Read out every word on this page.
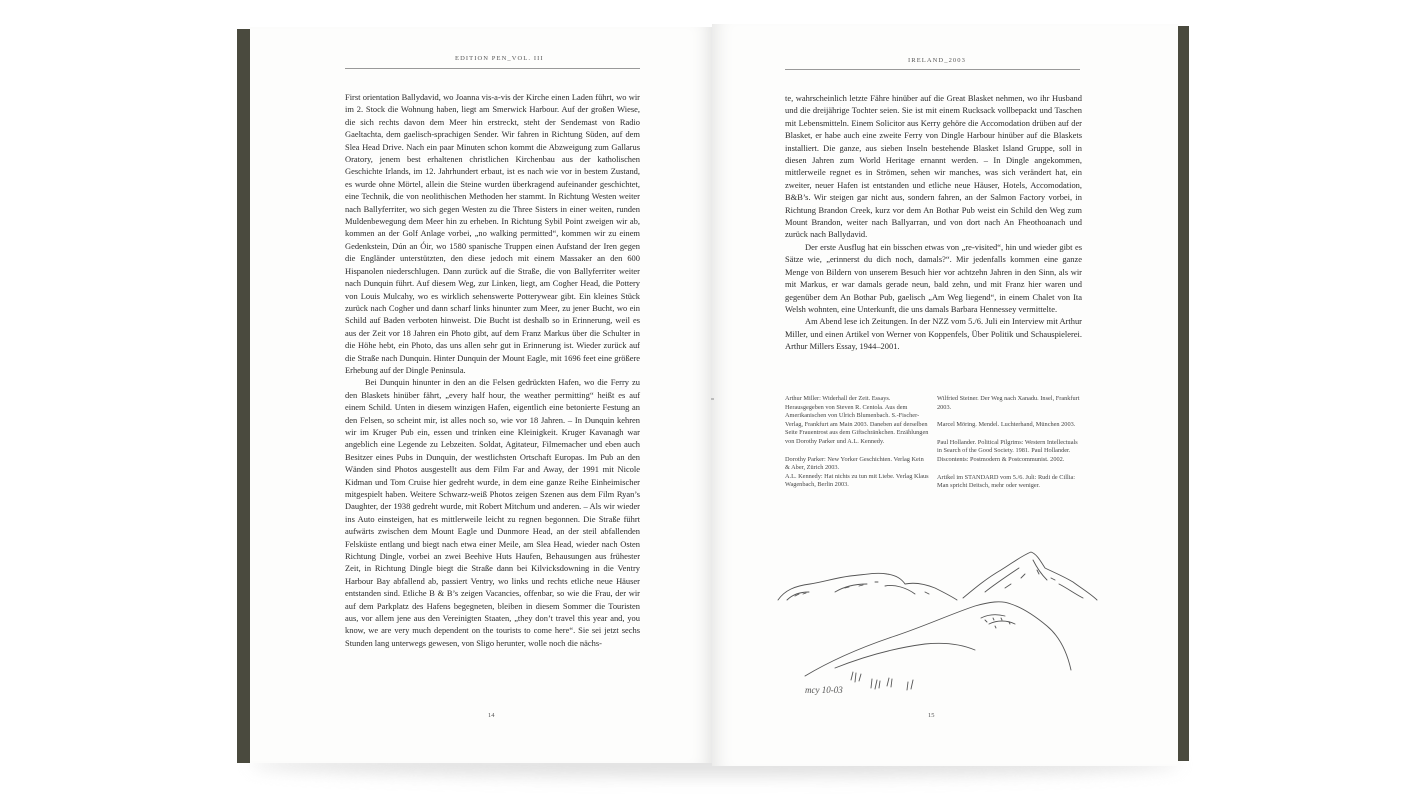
EDITION PEN_VOL. III

First orientation Ballydavid, wo Joanna vis-a-vis der Kirche einen Laden führt, wo wir im 2. Stock die Wohnung haben, liegt am Smerwick Harbour. Auf der großen Wiese, die sich rechts davon dem Meer hin erstreckt, steht der Sendemast von Radio Gaeltachta, dem gaelisch-sprachigen Sender. Wir fahren in Richtung Süden, auf dem Slea Head Drive. Nach ein paar Minuten schon kommt die Abzweigung zum Gallarus Oratory, jenem best erhaltenen christlichen Kirchenbau aus der katholischen Geschichte Irlands, im 12. Jahrhundert erbaut, ist es nach wie vor in bestem Zustand, es wurde ohne Mörtel, allein die Steine wurden überkragend aufeinander geschichtet, eine Technik, die von neolithischen Methoden her stammt. In Richtung Westen weiter nach Ballyferriter, wo sich gegen Westen zu die Three Sisters in einer weiten, runden Muldenbewegung dem Meer hin zu erheben. In Richtung Sybil Point zweigen wir ab, kommen an der Golf Anlage vorbei, „no walking permitted“, kommen wir zu einem Gedenkstein, Dún an Óir, wo 1580 spanische Truppen einen Aufstand der Iren gegen die Engländer unterstützten, den diese jedoch mit einem Massaker an den 600 Hispanolen niederschlugen. Dann zurück auf die Straße, die von Ballyferriter weiter nach Dunquin führt. Auf diesem Weg, zur Linken, liegt, am Cogher Head, die Pottery von Louis Mulcahy, wo es wirklich sehenswerte Potterywear gibt. Ein kleines Stück zurück nach Cogher und dann scharf links hinunter zum Meer, zu jener Bucht, wo ein Schild auf Baden verboten hinweist. Die Bucht ist deshalb so in Erinnerung, weil es aus der Zeit vor 18 Jahren ein Photo gibt, auf dem Franz Markus über die Schulter in die Höhe hebt, ein Photo, das uns allen sehr gut in Erinnerung ist. Wieder zurück auf die Straße nach Dunquin. Hinter Dunquin der Mount Eagle, mit 1696 feet eine größere Erhebung auf der Dingle Peninsula.

Bei Dunquin hinunter in den an die Felsen gedrückten Hafen, wo die Ferry zu den Blaskets hinüber fährt, „every half hour, the weather permitting“ heißt es auf einem Schild. Unten in diesem winzigen Hafen, eigentlich eine betonierte Festung an den Felsen, so scheint mir, ist alles noch so, wie vor 18 Jahren. – In Dunquin kehren wir im Kruger Pub ein, essen und trinken eine Kleinigkeit. Kruger Kavanagh war angeblich eine Legende zu Lebzeiten. Soldat, Agitateur, Filmemacher und eben auch Besitzer eines Pubs in Dunquin, der westlichsten Ortschaft Europas. Im Pub an den Wänden sind Photos ausgestellt aus dem Film Far and Away, der 1991 mit Nicole Kidman und Tom Cruise hier gedreht wurde, in dem eine ganze Reihe Einheimischer mitgespielt haben. Weitere Schwarz-weiß Photos zeigen Szenen aus dem Film Ryan’s Daughter, der 1938 gedreht wurde, mit Robert Mitchum und anderen. – Als wir wieder ins Auto einsteigen, hat es mittlerweile leicht zu regnen begonnen. Die Straße führt aufwärts zwischen dem Mount Eagle und Dunmore Head, an der steil abfallenden Felsküste entlang und biegt nach etwa einer Meile, am Slea Head, wieder nach Osten Richtung Dingle, vorbei an zwei Beehive Huts Haufen, Behausungen aus frühester Zeit, in Richtung Dingle biegt die Straße dann bei Kilvicksdowning in die Ventry Harbour Bay abfallend ab, passiert Ventry, wo links und rechts etliche neue Häuser entstanden sind. Etliche B & B’s zeigen Vacancies, offenbar, so wie die Frau, der wir auf dem Parkplatz des Hafens begegneten, bleiben in diesem Sommer die Touristen aus, vor allem jene aus den Vereinigten Staaten, „they don’t travel this year and, you know, we are very much dependent on the tourists to come here“. Sie sei jetzt sechs Stunden lang unterwegs gewesen, von Sligo herunter, wolle noch die nächs-

14
IRELAND_2003

te, wahrscheinlich letzte Fähre hinüber auf die Great Blasket nehmen, wo ihr Husband und die dreijährige Tochter seien. Sie ist mit einem Rucksack vollbepackt und Taschen mit Lebensmitteln. Einem Solicitor aus Kerry gehöre die Accomodation drüben auf der Blasket, er habe auch eine zweite Ferry von Dingle Harbour hinüber auf die Blaskets installiert. Die ganze, aus sieben Inseln bestehende Blasket Island Gruppe, soll in diesen Jahren zum World Heritage ernannt werden. – In Dingle angekommen, mittlerweile regnet es in Strömen, sehen wir manches, was sich verändert hat, ein zweiter, neuer Hafen ist entstanden und etliche neue Häuser, Hotels, Accomodation, B&B’s. Wir steigen gar nicht aus, sondern fahren, an der Salmon Factory vorbei, in Richtung Brandon Creek, kurz vor dem An Bothar Pub weist ein Schild den Weg zum Mount Brandon, weiter nach Ballyarran, und von dort nach An Fheothoanach und zurück nach Ballydavid.

Der erste Ausflug hat ein bisschen etwas von „re-visited“, hin und wieder gibt es Sätze wie, „erinnerst du dich noch, damals?“. Mir jedenfalls kommen eine ganze Menge von Bildern von unserem Besuch hier vor achtzehn Jahren in den Sinn, als wir mit Markus, er war damals gerade neun, bald zehn, und mit Franz hier waren und gegenüber dem An Bothar Pub, gaelisch „Am Weg liegend“, in einem Chalet von Ita Welsh wohnten, eine Unterkunft, die uns damals Barbara Hennessey vermittelte.

Am Abend lese ich Zeitungen. In der NZZ vom 5./6. Juli ein Interview mit Arthur Miller, und einen Artikel von Werner von Koppenfels, Über Politik und Schauspielerei. Arthur Millers Essay, 1944–2001.

Arthur Miller: Widerhall der Zeit. Essays. Herausgegeben von Steven R. Centola. Aus dem Amerikanischen von Ulrich Blumenbach. S.-Fischer-Verlag, Frankfurt am Main 2003. Daneben auf derselben Seite Frauentrost aus dem Giftschränkchen. Erzählungen von Dorothy Parker und A.L. Kennedy.

Dorothy Parker: New Yorker Geschichten. Verlag Kein & Aber, Zürich 2003.

A.L. Kennedy: Hat nichts zu tun mit Liebe. Verlag Klaus Wagenbach, Berlin 2003.

Wilfried Steiner. Der Weg nach Xanadu. Insel, Frankfurt 2003.

Marcel Möring. Mendel. Luchterhand, München 2003.

Paul Hollander. Political Pilgrims: Western Intellectuals in Search of the Good Society. 1981. Paul Hollander. Discontents: Postmodern & Postcommunist. 2002.

Artikel im STANDARD vom 5./6. Juli: Rudi de Cillia: Man spricht Deitsch, mehr oder weniger.

15
mcy 10-03
